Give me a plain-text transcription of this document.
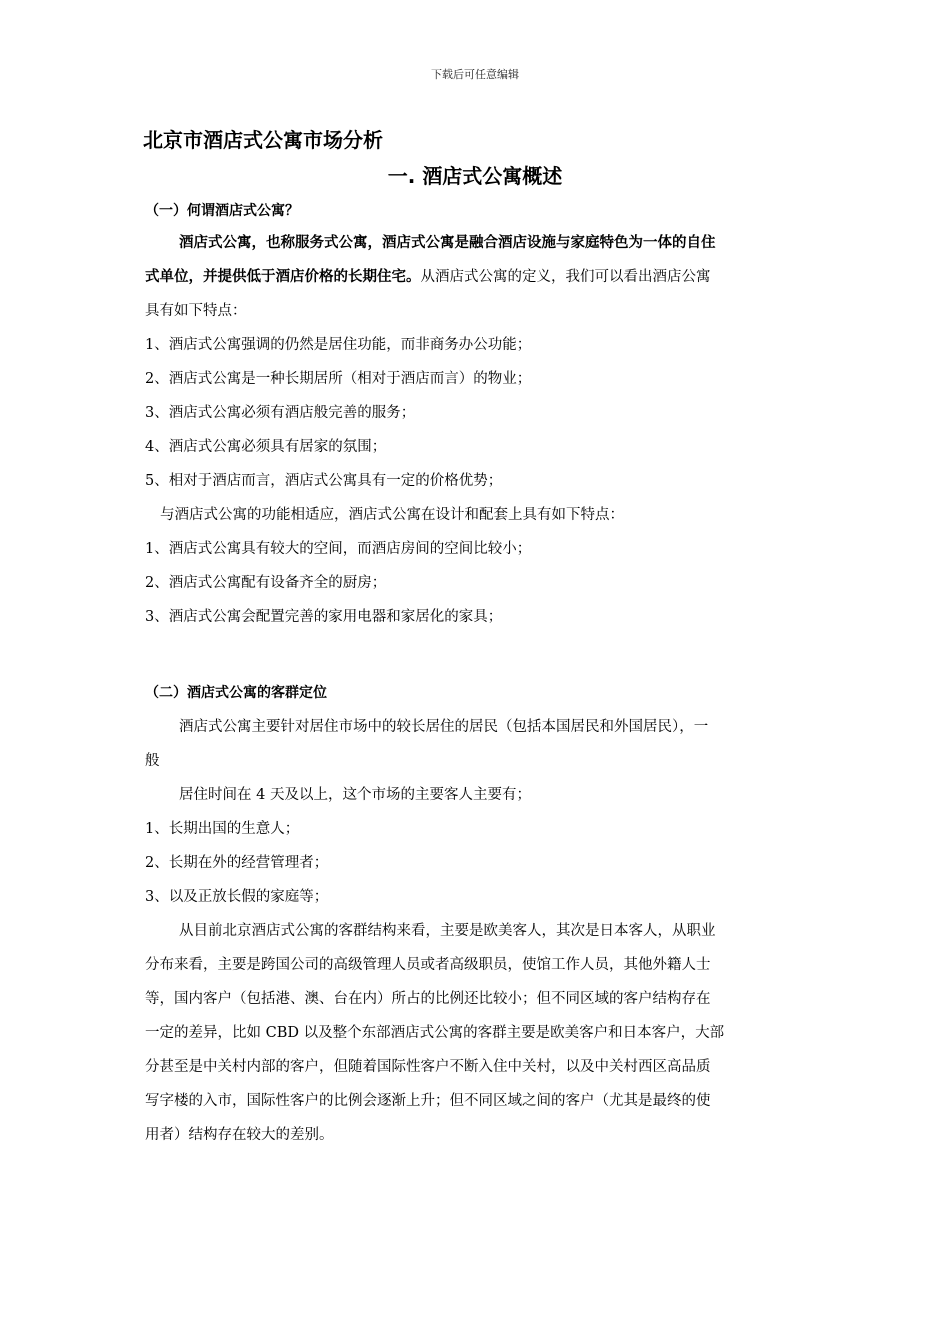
下载后可任意编辑
北京市酒店式公寓市场分析
一. 酒店式公寓概述

（一）何谓酒店式公寓？

酒店式公寓，也称服务式公寓，酒店式公寓是融合酒店设施与家庭特色为一体的自住

式单位，并提供低于酒店价格的长期住宅。从酒店式公寓的定义，我们可以看出酒店公寓

具有如下特点：

1、酒店式公寓强调的仍然是居住功能，而非商务办公功能；

2、酒店式公寓是一种长期居所（相对于酒店而言）的物业；

3、酒店式公寓必须有酒店般完善的服务；

4、酒店式公寓必须具有居家的氛围；

5、相对于酒店而言，酒店式公寓具有一定的价格优势；

与酒店式公寓的功能相适应，酒店式公寓在设计和配套上具有如下特点：

1、酒店式公寓具有较大的空间，而酒店房间的空间比较小；

2、酒店式公寓配有设备齐全的厨房；

3、酒店式公寓会配置完善的家用电器和家居化的家具；

（二）酒店式公寓的客群定位

酒店式公寓主要针对居住市场中的较长居住的居民（包括本国居民和外国居民），一

般

居住时间在 4 天及以上，这个市场的主要客人主要有；

1、长期出国的生意人；

2、长期在外的经营管理者；

3、以及正放长假的家庭等；

从目前北京酒店式公寓的客群结构来看，主要是欧美客人，其次是日本客人，从职业

分布来看，主要是跨国公司的高级管理人员或者高级职员，使馆工作人员，其他外籍人士

等，国内客户（包括港、澳、台在内）所占的比例还比较小；但不同区域的客户结构存在

一定的差异，比如 CBD 以及整个东部酒店式公寓的客群主要是欧美客户和日本客户，大部

分甚至是中关村内部的客户，但随着国际性客户不断入住中关村，以及中关村西区高品质

写字楼的入市，国际性客户的比例会逐渐上升；但不同区域之间的客户（尤其是最终的使

用者）结构存在较大的差别。
